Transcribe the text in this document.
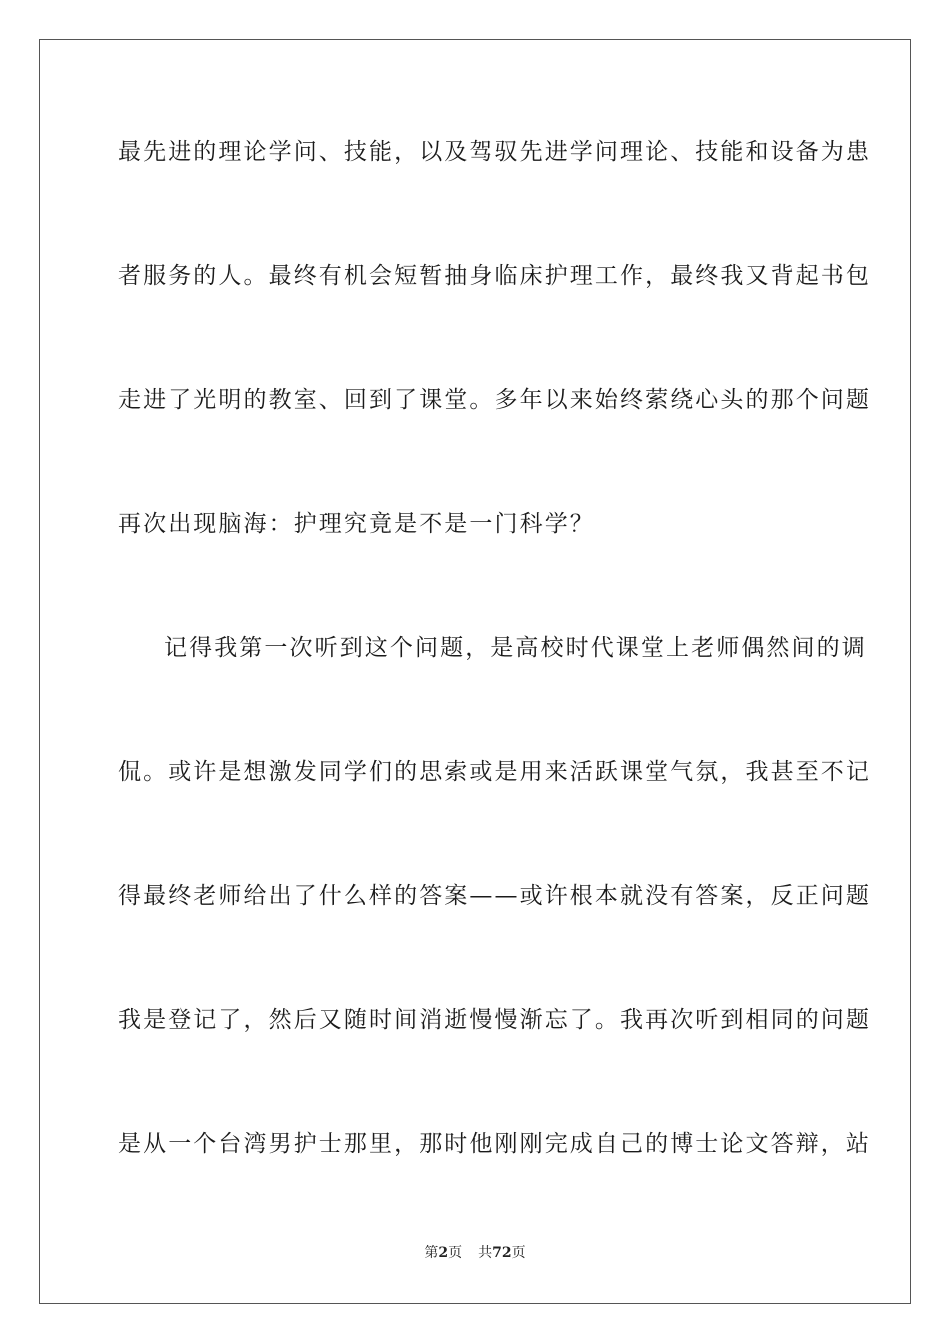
最先进的理论学问、技能，以及驾驭先进学问理论、技能和设备为患
者服务的人。最终有机会短暂抽身临床护理工作，最终我又背起书包
走进了光明的教室、回到了课堂。多年以来始终萦绕心头的那个问题
再次出现脑海：护理究竟是不是一门科学？
记得我第一次听到这个问题，是高校时代课堂上老师偶然间的调
侃。或许是想激发同学们的思索或是用来活跃课堂气氛，我甚至不记
得最终老师给出了什么样的答案——或许根本就没有答案，反正问题
我是登记了，然后又随时间消逝慢慢渐忘了。我再次听到相同的问题
是从一个台湾男护士那里，那时他刚刚完成自己的博士论文答辩，站
第2页 共72页
